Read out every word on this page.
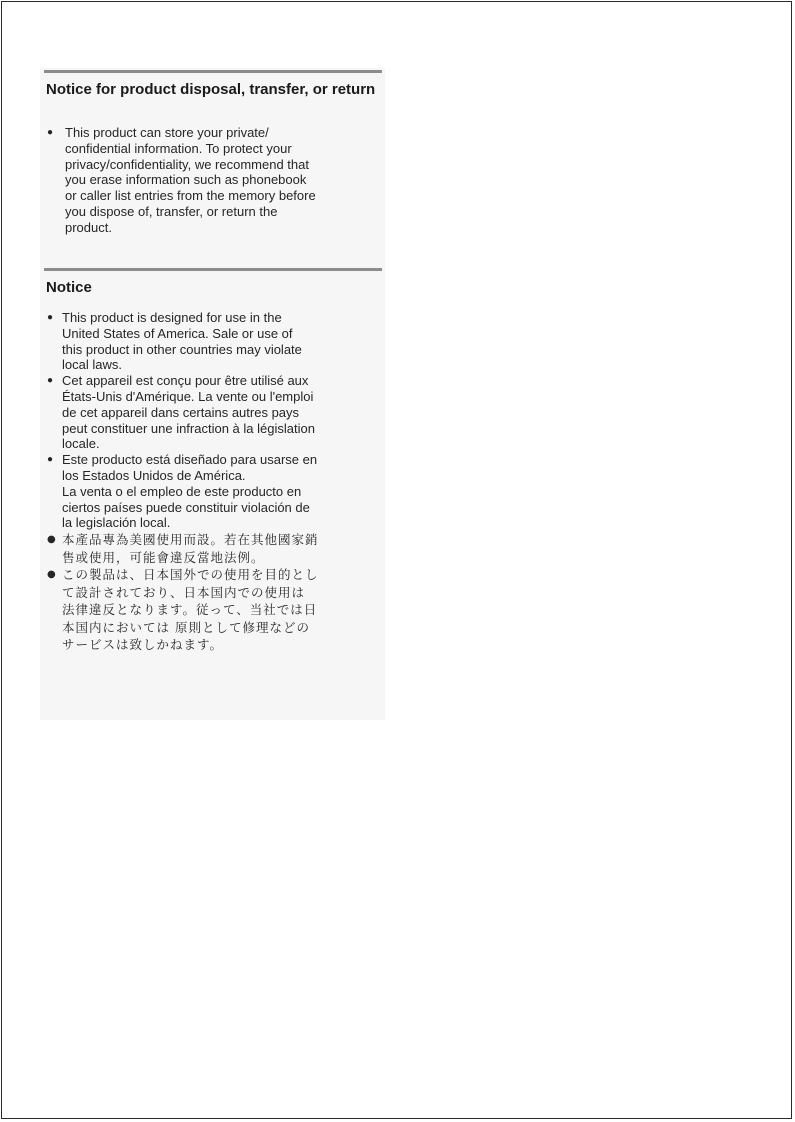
Notice for product disposal, transfer, or return
● This product can store your private/
confidential information. To protect your
privacy/confidentiality, we recommend that
you erase information such as phonebook
or caller list entries from the memory before
you dispose of, transfer, or return the
product.
Notice
● This product is designed for use in the
United States of America. Sale or use of
this product in other countries may violate
local laws.
● Cet appareil est conçu pour être utilisé aux
États-Unis d'Amérique. La vente ou l'emploi
de cet appareil dans certains autres pays
peut constituer une infraction à la législation
locale.
● Este producto está diseñado para usarse en
los Estados Unidos de América.
La venta o el empleo de este producto en
ciertos países puede constituir violación de
la legislación local.
● 本產品專為美國使用而設。若在其他國家銷
售或使用，可能會違反當地法例。
● この製品は、日本国外での使用を目的とし
て設計されており、日本国内での使用は
法律違反となります。従って、当社では日
本国内においては 原則として修理などの
サービスは致しかねます。
